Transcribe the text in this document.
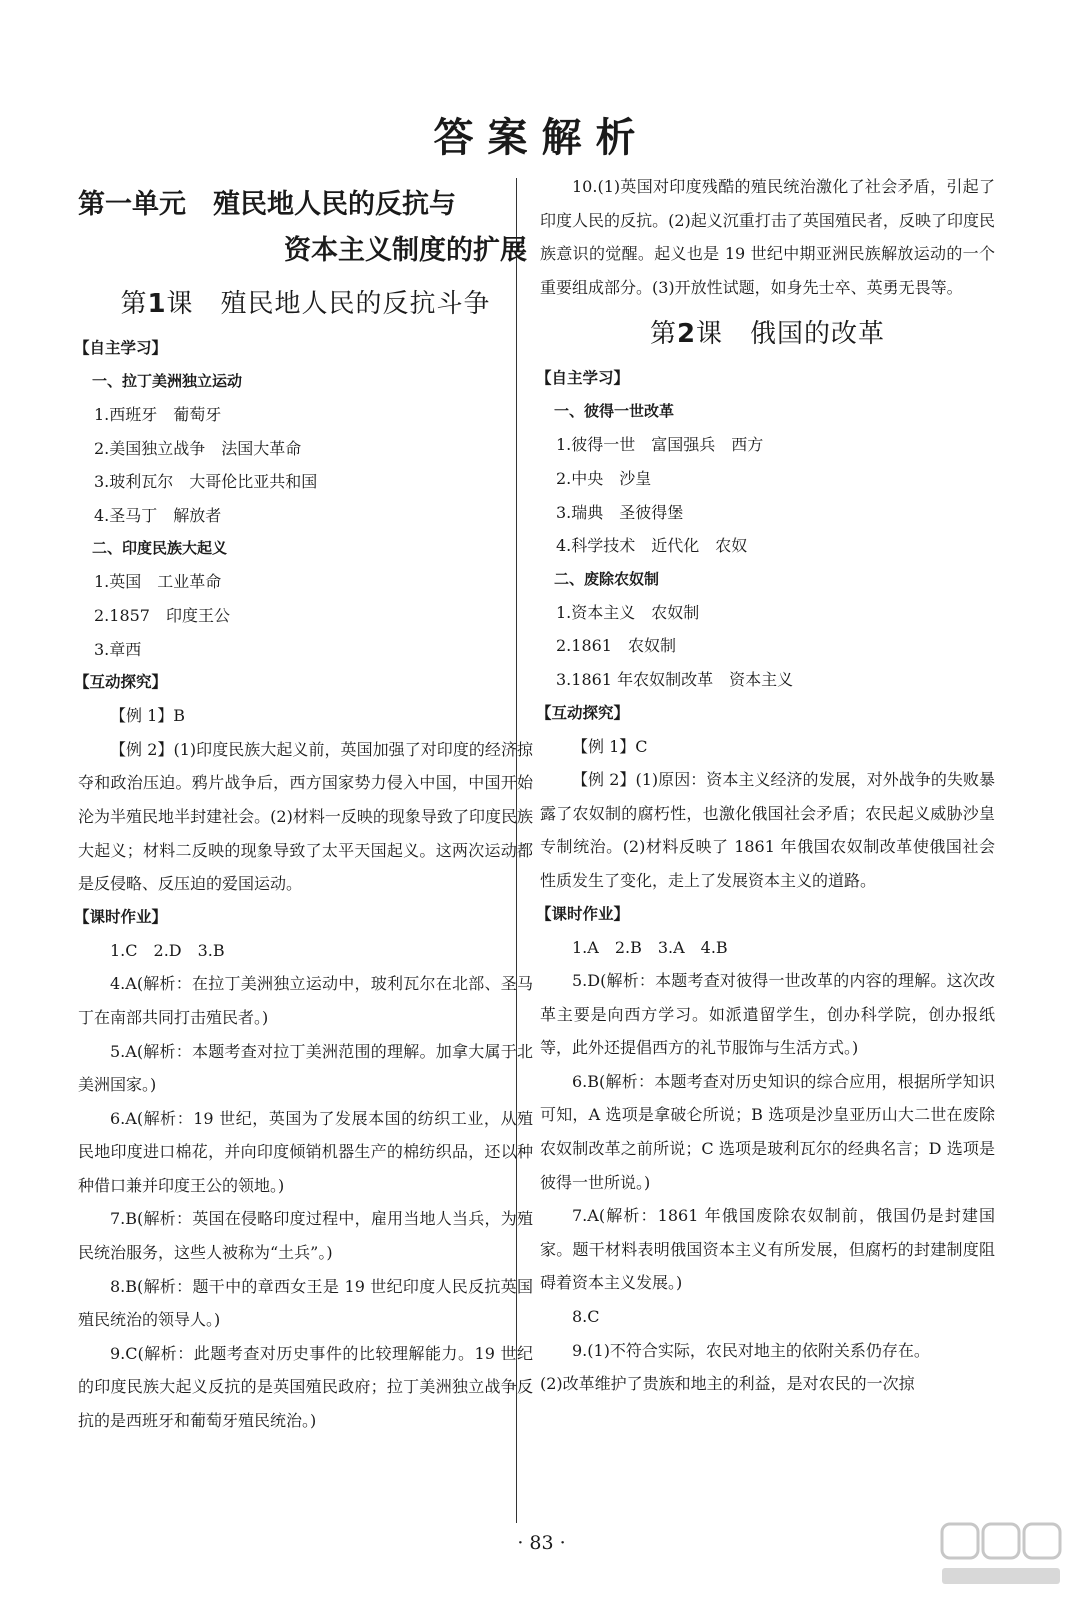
答案解析
第一单元　殖民地人民的反抗与
资本主义制度的扩展
第1课　殖民地人民的反抗斗争

【自主学习】

一、拉丁美洲独立运动

1.西班牙　葡萄牙

2.美国独立战争　法国大革命

3.玻利瓦尔　大哥伦比亚共和国

4.圣马丁　解放者

二、印度民族大起义

1.英国　工业革命

2.1857　印度王公

3.章西

【互动探究】

【例 1】B

【例 2】(1)印度民族大起义前，英国加强了对印度的经济掠夺和政治压迫。鸦片战争后，西方国家势力侵入中国，中国开始沦为半殖民地半封建社会。(2)材料一反映的现象导致了印度民族大起义；材料二反映的现象导致了太平天国起义。这两次运动都是反侵略、反压迫的爱国运动。

【课时作业】

1.C　2.D　3.B

4.A(解析：在拉丁美洲独立运动中，玻利瓦尔在北部、圣马丁在南部共同打击殖民者。)

5.A(解析：本题考查对拉丁美洲范围的理解。加拿大属于北美洲国家。)

6.A(解析：19 世纪，英国为了发展本国的纺织工业，从殖民地印度进口棉花，并向印度倾销机器生产的棉纺织品，还以种种借口兼并印度王公的领地。)

7.B(解析：英国在侵略印度过程中，雇用当地人当兵，为殖民统治服务，这些人被称为“土兵”。)

8.B(解析：题干中的章西女王是 19 世纪印度人民反抗英国殖民统治的领导人。)

9.C(解析：此题考查对历史事件的比较理解能力。19 世纪的印度民族大起义反抗的是英国殖民政府；拉丁美洲独立战争反抗的是西班牙和葡萄牙殖民统治。)

10.(1)英国对印度残酷的殖民统治激化了社会矛盾，引起了印度人民的反抗。(2)起义沉重打击了英国殖民者，反映了印度民族意识的觉醒。起义也是 19 世纪中期亚洲民族解放运动的一个重要组成部分。(3)开放性试题，如身先士卒、英勇无畏等。

第2课　俄国的改革

【自主学习】

一、彼得一世改革

1.彼得一世　富国强兵　西方

2.中央　沙皇

3.瑞典　圣彼得堡

4.科学技术　近代化　农奴

二、废除农奴制

1.资本主义　农奴制

2.1861　农奴制

3.1861 年农奴制改革　资本主义

【互动探究】

【例 1】C

【例 2】(1)原因：资本主义经济的发展，对外战争的失败暴露了农奴制的腐朽性，也激化俄国社会矛盾；农民起义威胁沙皇专制统治。(2)材料反映了 1861 年俄国农奴制改革使俄国社会性质发生了变化，走上了发展资本主义的道路。

【课时作业】

1.A　2.B　3.A　4.B

5.D(解析：本题考查对彼得一世改革的内容的理解。这次改革主要是向西方学习。如派遣留学生，创办科学院，创办报纸等，此外还提倡西方的礼节服饰与生活方式。)

6.B(解析：本题考查对历史知识的综合应用，根据所学知识可知，A 选项是拿破仑所说；B 选项是沙皇亚历山大二世在废除农奴制改革之前所说；C 选项是玻利瓦尔的经典名言；D 选项是彼得一世所说。)

7.A(解析：1861 年俄国废除农奴制前，俄国仍是封建国家。题干材料表明俄国资本主义有所发展，但腐朽的封建制度阻碍着资本主义发展。)

8.C

9.(1)不符合实际，农民对地主的依附关系仍存在。

(2)改革维护了贵族和地主的利益，是对农民的一次掠

· 83 ·
